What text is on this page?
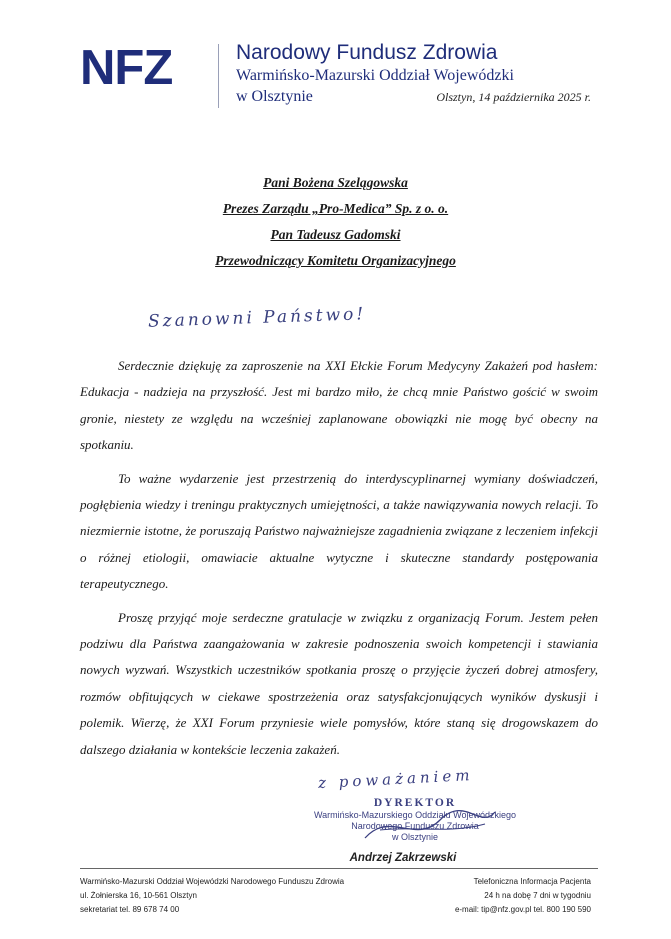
NFZ	Narodowy Fundusz Zdrowia
Warmińsko-Mazurski Oddział Wojewódzki
w Olsztynie	Olsztyn, 14 października 2025 r.
Pani Bożena Szelągowska
Prezes Zarządu „Pro-Medica” Sp. z o. o.
Pan Tadeusz Gadomski
Przewodniczący Komitetu Organizacyjnego
Szanowni Państwo!

Serdecznie dziękuję za zaproszenie na XXI Ełckie Forum Medycyny Zakażeń pod hasłem: Edukacja - nadzieja na przyszłość. Jest mi bardzo miło, że chcą mnie Państwo gościć w swoim gronie, niestety ze względu na wcześniej zaplanowane obowiązki nie mogę być obecny na spotkaniu.

To ważne wydarzenie jest przestrzenią do interdyscyplinarnej wymiany doświadczeń, pogłębienia wiedzy i treningu praktycznych umiejętności, a także nawiązywania nowych relacji. To niezmiernie istotne, że poruszają Państwo najważniejsze zagadnienia związane z leczeniem infekcji o różnej etiologii, omawiacie aktualne wytyczne i skuteczne standardy postępowania terapeutycznego.

Proszę przyjąć moje serdeczne gratulacje w związku z organizacją Forum. Jestem pełen podziwu dla Państwa zaangażowania w zakresie podnoszenia swoich kompetencji i stawiania nowych wyzwań. Wszystkich uczestników spotkania proszę o przyjęcie życzeń dobrej atmosfery, rozmów obfitujących w ciekawe spostrzeżenia oraz satysfakcjonujących wyników dyskusji i polemik. Wierzę, że XXI Forum przyniesie wiele pomysłów, które staną się drogowskazem do dalszego działania w kontekście leczenia zakażeń.

z poważaniem
DYREKTOR
Warmińsko-Mazurskiego Oddziału Wojewódzkiego
Narodowego Funduszu Zdrowia
w Olsztynie
Andrzej Zakrzewski
Warmińsko-Mazurski Oddział Wojewódzki Narodowego Funduszu Zdrowia
ul. Żołnierska 16, 10-561 Olsztyn
sekretariat tel. 89 678 74 00
Telefoniczna Informacja Pacjenta
24 h na dobę 7 dni w tygodniu
e-mail: tip@nfz.gov.pl tel. 800 190 590
